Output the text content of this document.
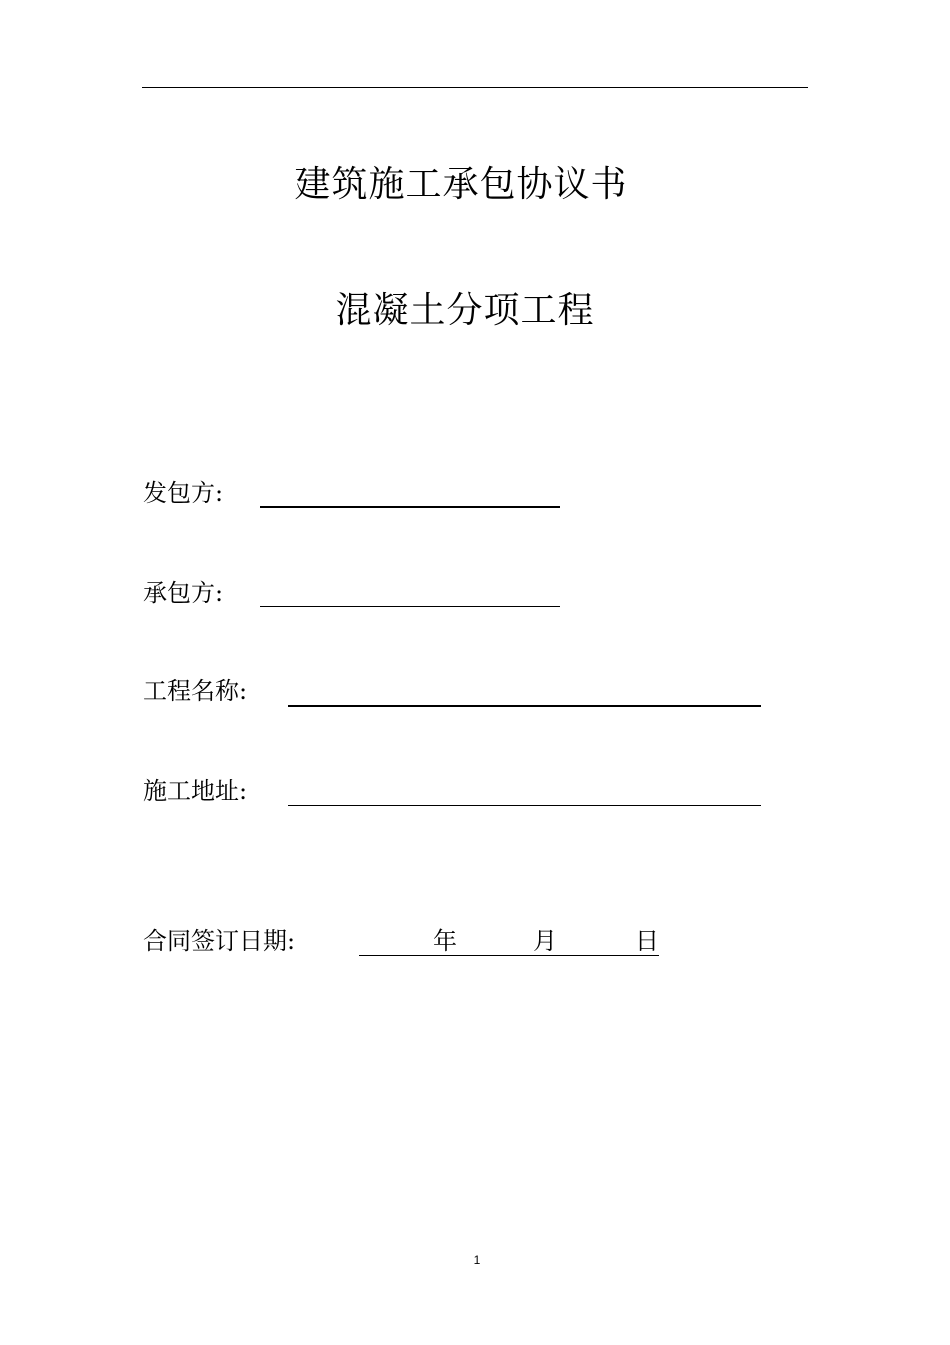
建筑施工承包协议书
混凝土分项工程
发包方:
承包方:
工程名称:
施工地址:
合同签订日期:	年	月	日
1
